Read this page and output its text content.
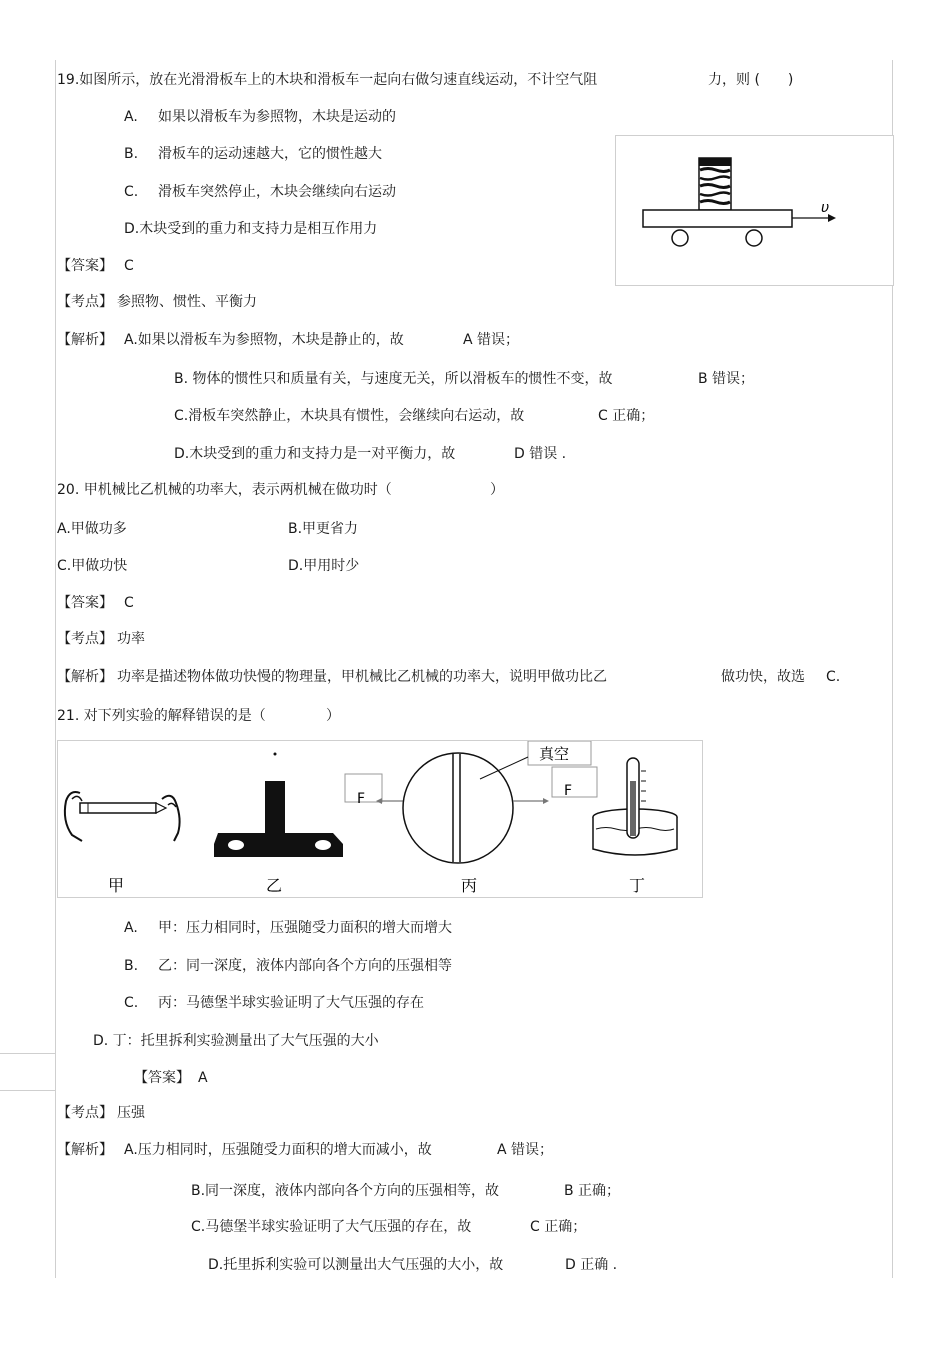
19.如图所示，放在光滑滑板车上的木块和滑板车一起向右做匀速直线运动，不计空气阻	力，则 (　　)
A. 如果以滑板车为参照物，木块是运动的
B. 滑板车的运动速越大，它的惯性越大
C. 滑板车突然停止，木块会继续向右运动
D.木块受到的重力和支持力是相互作用力
【答案】 C
【考点】 参照物、惯性、平衡力
【解析】 A.如果以滑板车为参照物，木块是静止的，故	A 错误；
B. 物体的惯性只和质量有关，与速度无关，所以滑板车的惯性不变，故	B 错误；
C.滑板车突然静止，木块具有惯性，会继续向右运动，故	C 正确；
D.木块受到的重力和支持力是一对平衡力，故	D 错误 .
υ
20. 甲机械比乙机械的功率大，表示两机械在做功时（	）
A.甲做功多	B.甲更省力
C.甲做功快	D.甲用时少
【答案】 C
【考点】 功率
【解析】 功率是描述物体做功快慢的物理量，甲机械比乙机械的功率大，说明甲做功比乙	做功快，故选 C.
21. 对下列实验的解释错误的是（	）
F	F
真空
甲	乙	丙	丁
A. 甲：压力相同时，压强随受力面积的增大而增大
B. 乙：同一深度，液体内部向各个方向的压强相等
C. 丙：马德堡半球实验证明了大气压强的存在
D. 丁：托里拆利实验测量出了大气压强的大小
【答案】 A
【考点】 压强
【解析】 A.压力相同时，压强随受力面积的增大而减小，故	A 错误；
B.同一深度，液体内部向各个方向的压强相等，故	B 正确；
C.马德堡半球实验证明了大气压强的存在，故	C 正确；
D.托里拆利实验可以测量出大气压强的大小，故	D 正确 .
